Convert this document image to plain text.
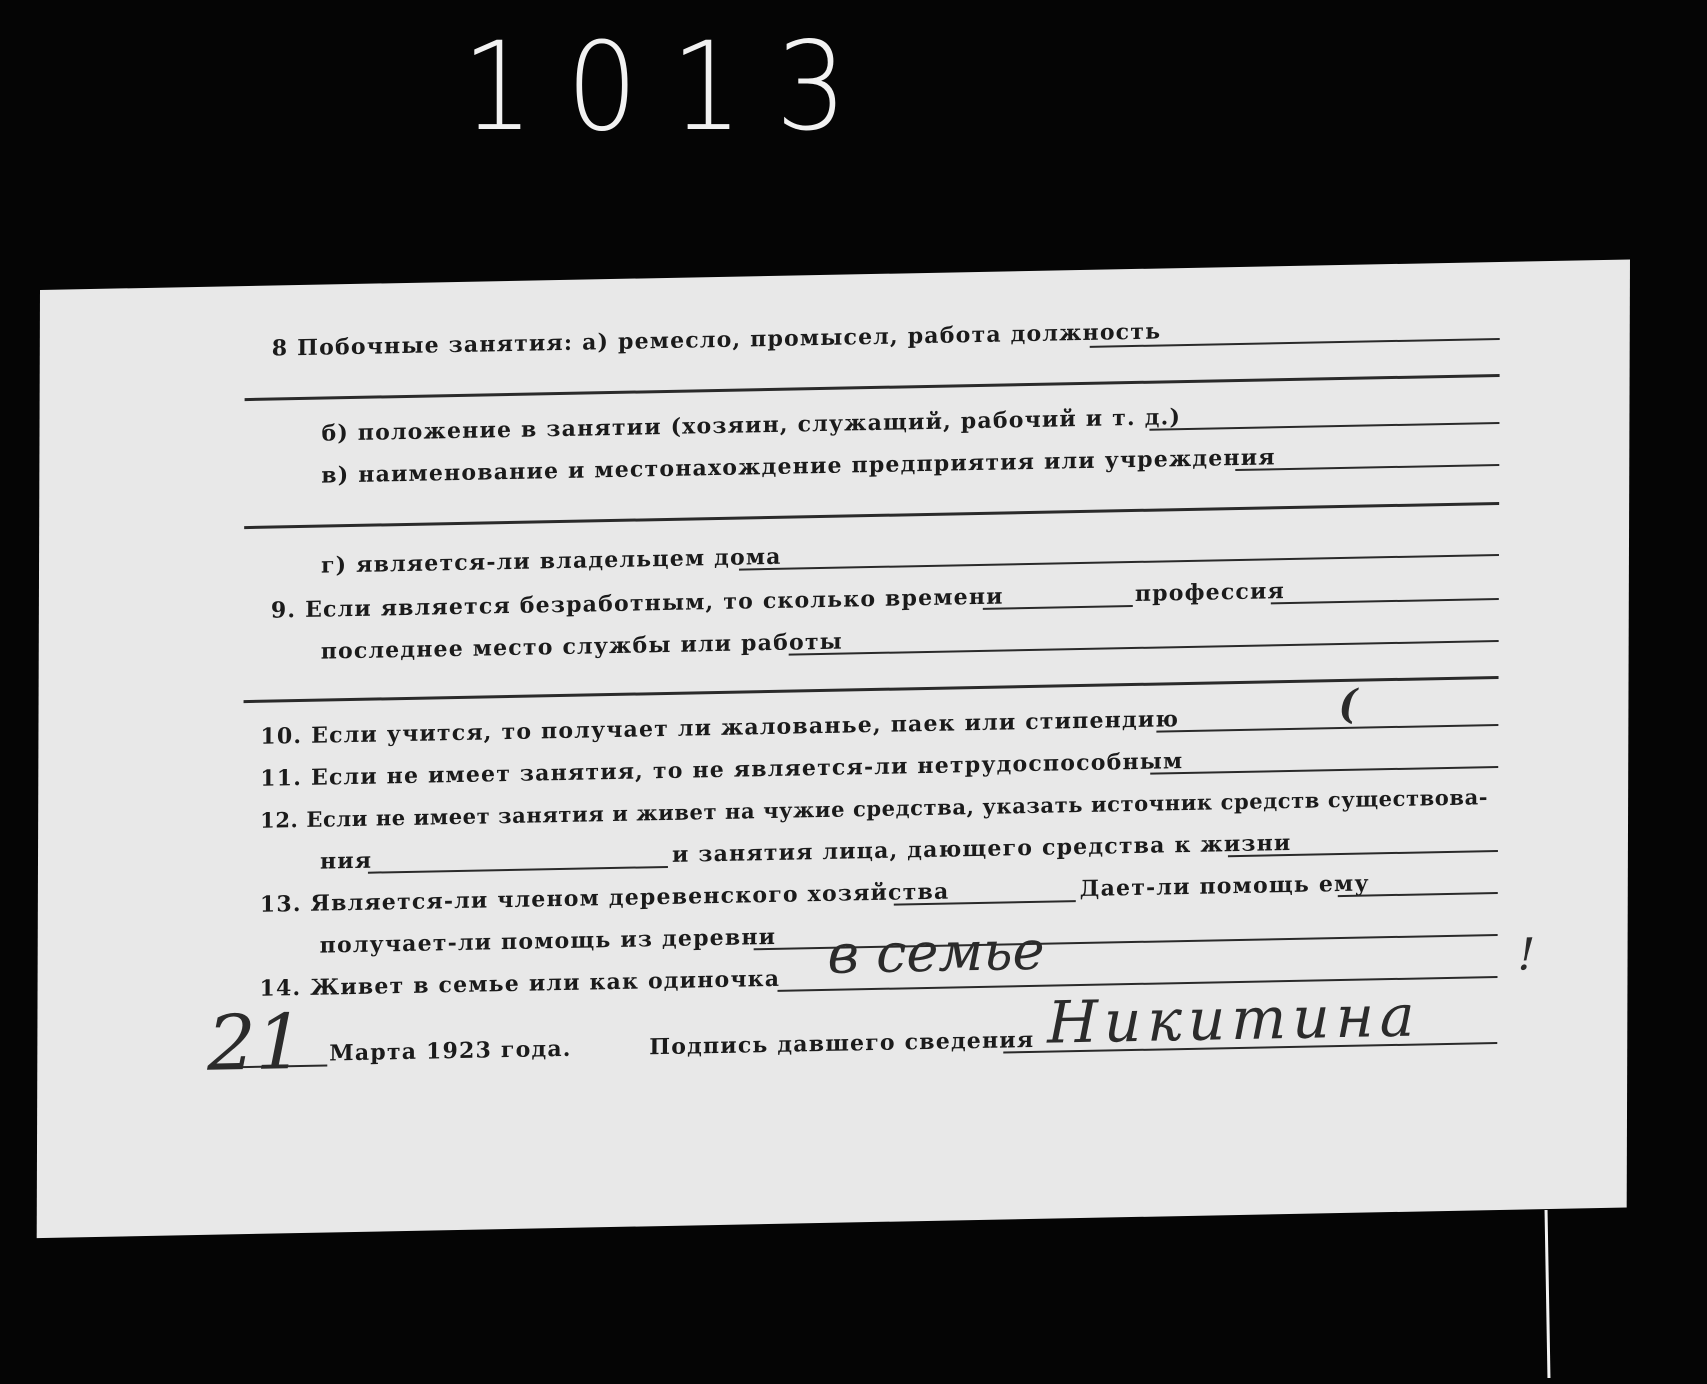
1013
8 Побочные занятия: а) ремесло, промысел, работа должность
б) положение в занятии (хозяин, служащий, рабочий и т. д.)
в) наименование и местонахождение предприятия или учреждения
г) является-ли владельцем дома
9. Если является безработным, то сколько времени	профессия
последнее место службы или работы
10. Если учится, то получает ли жалованье, паек или стипендию	(
11. Если не имеет занятия, то не является-ли нетрудоспособным
12. Если не имеет занятия и живет на чужие средства, указать источник средств существова-
ния	и занятия лица, дающего средства к жизни
13. Является-ли членом деревенского хозяйства	Дает-ли помощь ему
получает-ли помощь из деревни
14. Живет в семье или как одиночка в семье	!
21 Марта 1923 года.	Подпись давшего сведения Никитина
